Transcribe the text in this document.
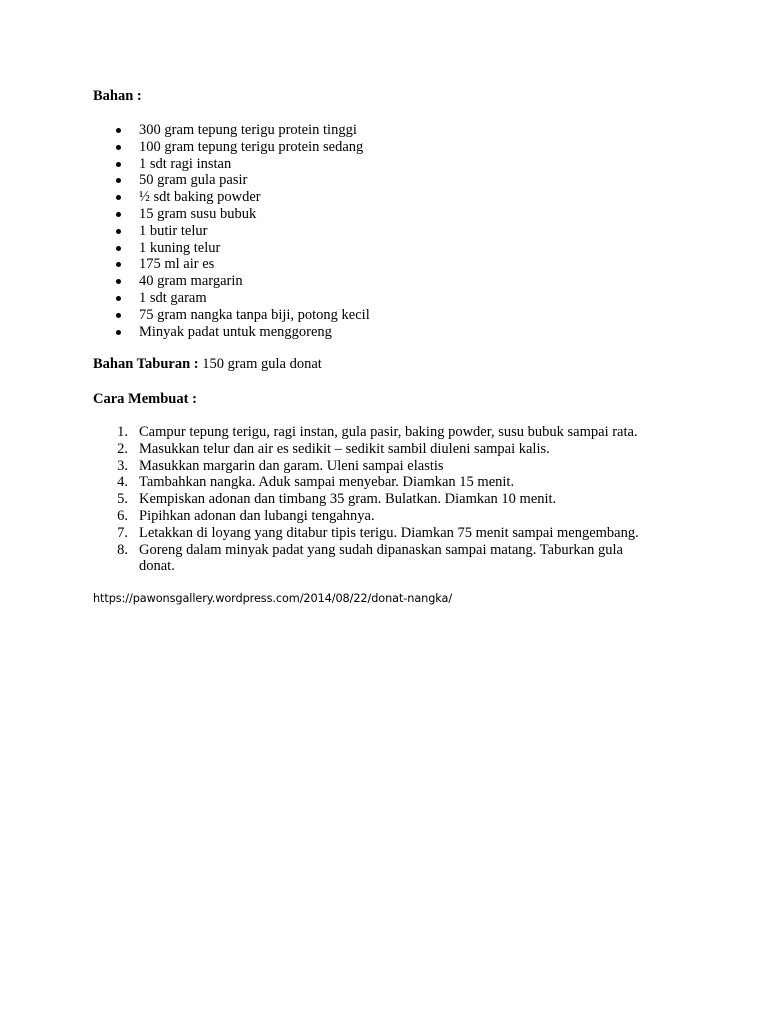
Bahan :
300 gram tepung terigu protein tinggi
100 gram tepung terigu protein sedang
1 sdt ragi instan
50 gram gula pasir
½ sdt baking powder
15 gram susu bubuk
1 butir telur
1 kuning telur
175 ml air es
40 gram margarin
1 sdt garam
75 gram nangka tanpa biji, potong kecil
Minyak padat untuk menggoreng
Bahan Taburan : 150 gram gula donat
Cara Membuat :
1. Campur tepung terigu, ragi instan, gula pasir, baking powder, susu bubuk sampai rata.
2. Masukkan telur dan air es sedikit – sedikit sambil diuleni sampai kalis.
3. Masukkan margarin dan garam. Uleni sampai elastis
4. Tambahkan nangka. Aduk sampai menyebar. Diamkan 15 menit.
5. Kempiskan adonan dan timbang 35 gram. Bulatkan. Diamkan 10 menit.
6. Pipihkan adonan dan lubangi tengahnya.
7. Letakkan di loyang yang ditabur tipis terigu. Diamkan 75 menit sampai mengembang.
8. Goreng dalam minyak padat yang sudah dipanaskan sampai matang. Taburkan gula
donat.
https://pawonsgallery.wordpress.com/2014/08/22/donat-nangka/
